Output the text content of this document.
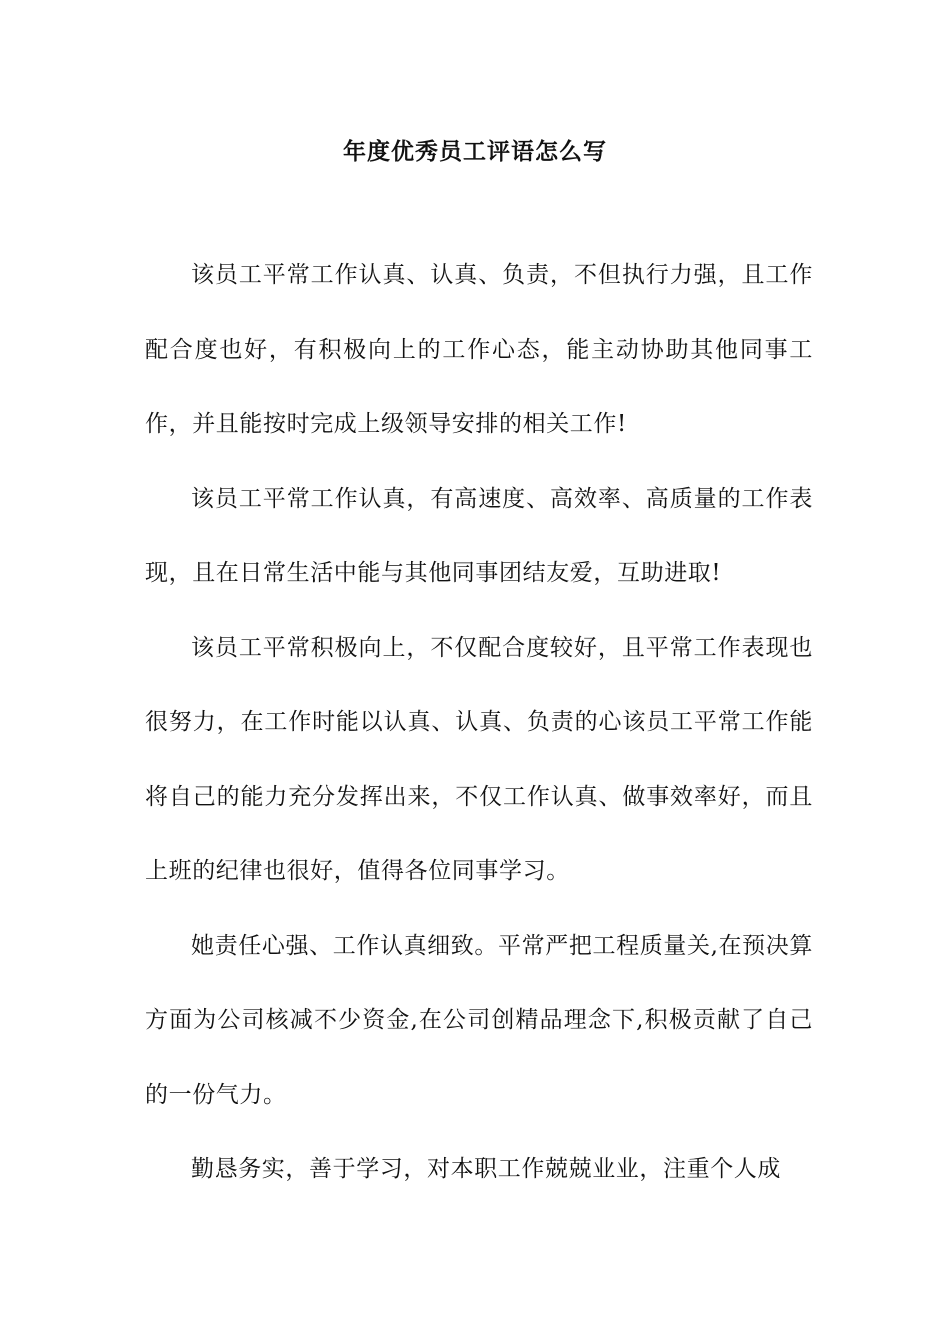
年度优秀员工评语怎么写

该员工平常工作认真、认真、负责，不但执行力强，且工作配合度也好，有积极向上的工作心态，能主动协助其他同事工作，并且能按时完成上级领导安排的相关工作!

该员工平常工作认真，有高速度、高效率、高质量的工作表现，且在日常生活中能与其他同事团结友爱，互助进取!

该员工平常积极向上，不仅配合度较好，且平常工作表现也很努力，在工作时能以认真、认真、负责的心该员工平常工作能将自己的能力充分发挥出来，不仅工作认真、做事效率好，而且上班的纪律也很好，值得各位同事学习。

她责任心强、工作认真细致。平常严把工程质量关,在预决算方面为公司核减不少资金,在公司创精品理念下,积极贡献了自己的一份气力。

勤恳务实，善于学习，对本职工作兢兢业业，注重个人成
